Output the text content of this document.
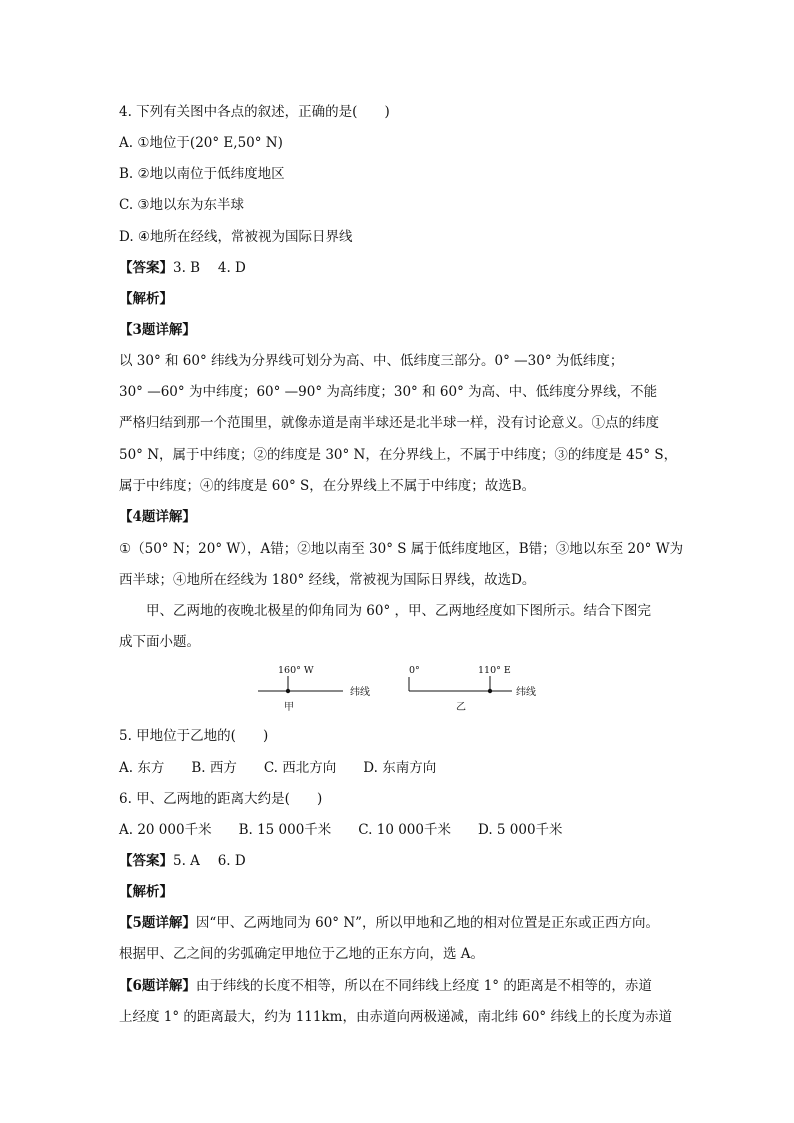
4. 下列有关图中各点的叙述，正确的是(　　)
A. ①地位于(20° E,50° N)
B. ②地以南位于低纬度地区
C. ③地以东为东半球
D. ④地所在经线，常被视为国际日界线
【答案】3. B　 4. D
【解析】
【3题详解】
以 30° 和 60° 纬线为分界线可划分为高、中、低纬度三部分。0° —30° 为低纬度；
30° —60° 为中纬度；60° —90° 为高纬度；30° 和 60° 为高、中、低纬度分界线，不能
严格归结到那一个范围里，就像赤道是南半球还是北半球一样，没有讨论意义。①点的纬度
50° N，属于中纬度；②的纬度是 30° N，在分界线上，不属于中纬度；③的纬度是 45° S，
属于中纬度；④的纬度是 60° S，在分界线上不属于中纬度；故选B。
【4题详解】
①（50° N；20° W），A错；②地以南至 30° S 属于低纬度地区，B错；③地以东至 20° W为
西半球；④地所在经线为 180° 经线，常被视为国际日界线，故选D。
　　甲、乙两地的夜晚北极星的仰角同为 60° ，甲、乙两地经度如下图所示。结合下图完
成下面小题。
160° W
纬线
甲
0°	110° E
纬线
乙
5. 甲地位于乙地的(　　)
A. 东方　　B. 西方　　C. 西北方向　　D. 东南方向
6. 甲、乙两地的距离大约是(　　)
A. 20 000千米　　B. 15 000千米　　C. 10 000千米　　D. 5 000千米
【答案】5. A　 6. D
【解析】
【5题详解】因“甲、乙两地同为 60° N”，所以甲地和乙地的相对位置是正东或正西方向。
根据甲、乙之间的劣弧确定甲地位于乙地的正东方向，选 A。
【6题详解】由于纬线的长度不相等，所以在不同纬线上经度 1° 的距离是不相等的，赤道
上经度 1° 的距离最大，约为 111km，由赤道向两极递减，南北纬 60° 纬线上的长度为赤道
